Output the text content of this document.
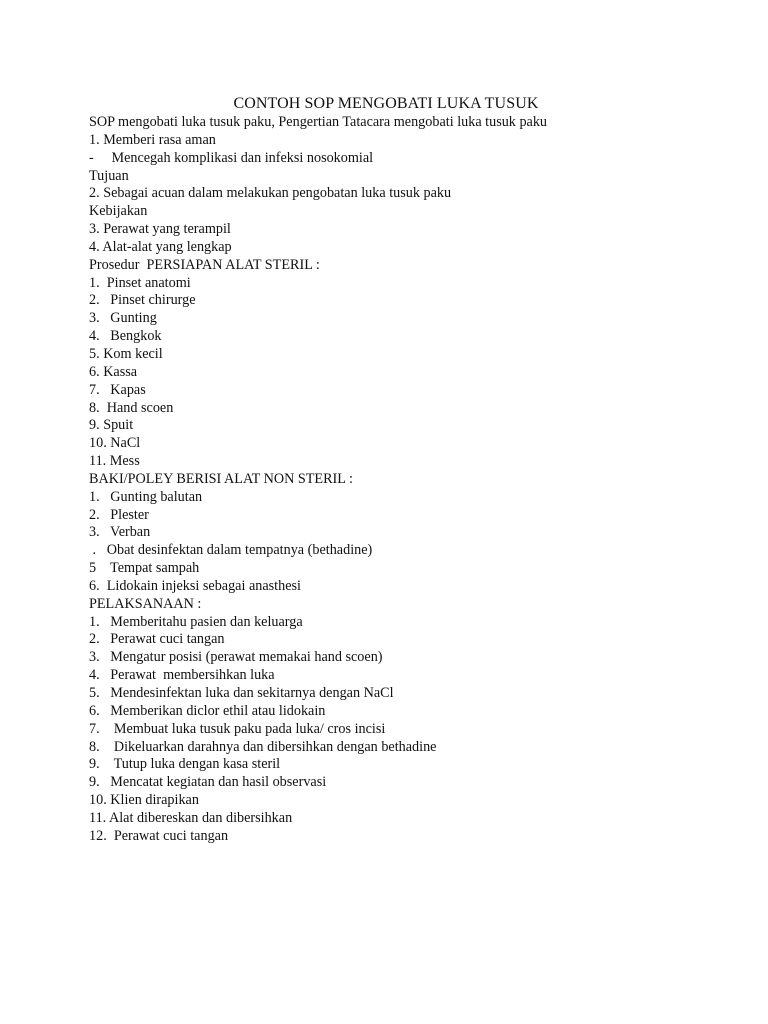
CONTOH SOP MENGOBATI LUKA TUSUK
SOP mengobati luka tusuk paku, Pengertian Tatacara mengobati luka tusuk paku
1. Memberi rasa aman
-     Mencegah komplikasi dan infeksi nosokomial
Tujuan
2. Sebagai acuan dalam melakukan pengobatan luka tusuk paku
Kebijakan
3. Perawat yang terampil
4. Alat-alat yang lengkap
Prosedur  PERSIAPAN ALAT STERIL :
1.  Pinset anatomi
2.   Pinset chirurge
3.   Gunting
4.   Bengkok
5. Kom kecil
6. Kassa
7.   Kapas
8.  Hand scoen
9. Spuit
10. NaCl
11. Mess
BAKI/POLEY BERISI ALAT NON STERIL :
1.   Gunting balutan
2.   Plester
3.   Verban
.   Obat desinfektan dalam tempatnya (bethadine)
5    Tempat sampah
6.  Lidokain injeksi sebagai anasthesi
PELAKSANAAN :
1.   Memberitahu pasien dan keluarga
2.   Perawat cuci tangan
3.   Mengatur posisi (perawat memakai hand scoen)
4.   Perawat  membersihkan luka
5.   Mendesinfektan luka dan sekitarnya dengan NaCl
6.   Memberikan diclor ethil atau lidokain
7.    Membuat luka tusuk paku pada luka/ cros incisi
8.    Dikeluarkan darahnya dan dibersihkan dengan bethadine
9.    Tutup luka dengan kasa steril
9.   Mencatat kegiatan dan hasil observasi
10. Klien dirapikan
11. Alat dibereskan dan dibersihkan
12.  Perawat cuci tangan
